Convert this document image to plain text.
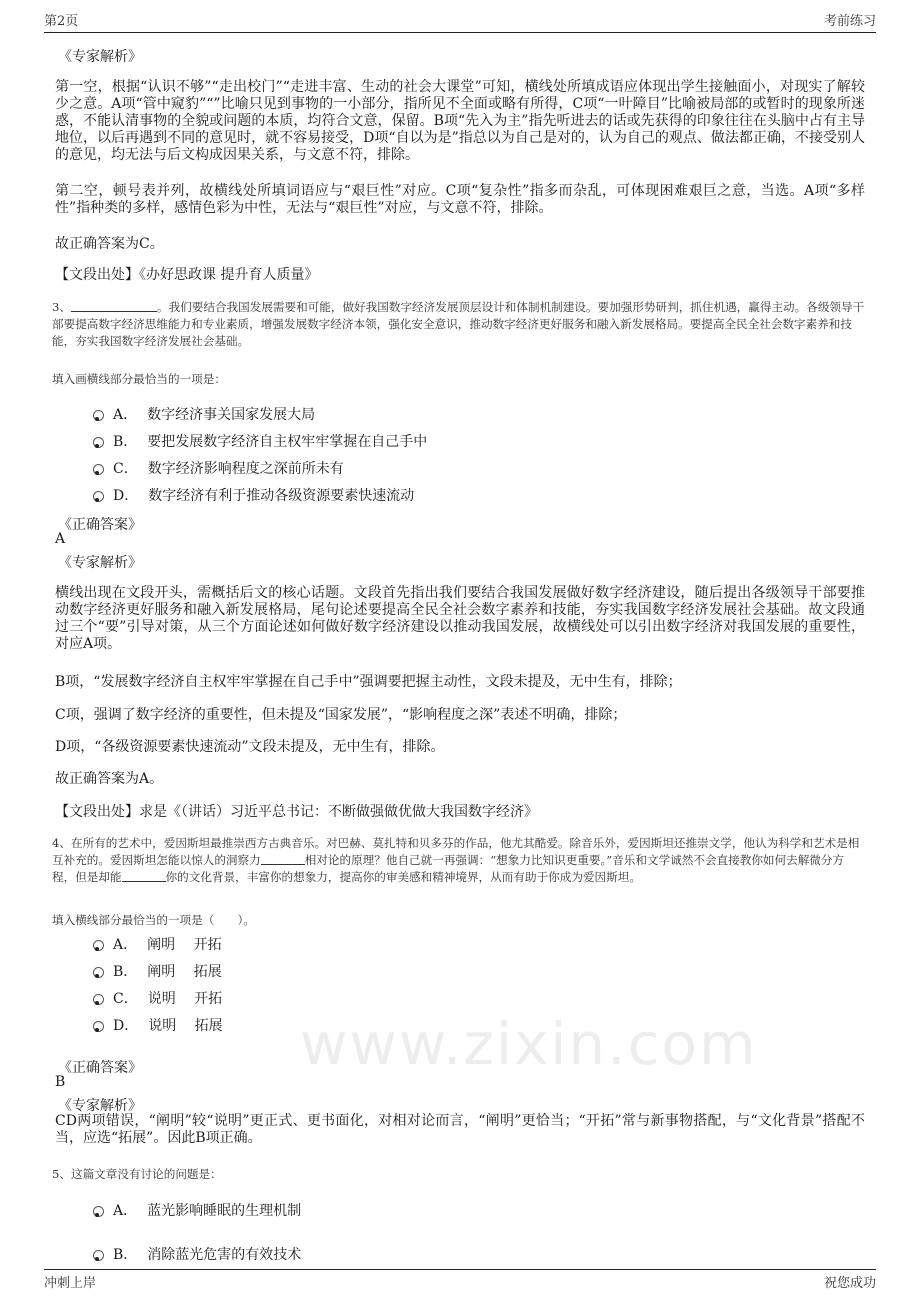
第2页	考前练习
www.zixin.com
《专家解析》
第一空，根据“认识不够”“走出校门”“走进丰富、生动的社会大课堂”可知，横线处所填成语应体现出学生接触面小，对现实了解较少之意。A项“管中窥豹”“”比喻只见到事物的一小部分，指所见不全面或略有所得，C项“一叶障目”比喻被局部的或暂时的现象所迷惑，不能认清事物的全貌或问题的本质，均符合文意，保留。B项“先入为主”指先听进去的话或先获得的印象往往在头脑中占有主导地位，以后再遇到不同的意见时，就不容易接受，D项“自以为是”指总以为自己是对的，认为自己的观点、做法都正确，不接受别人的意见，均无法与后文构成因果关系，与文意不符，排除。
第二空，顿号表并列，故横线处所填词语应与“艰巨性”对应。C项“复杂性”指多而杂乱，可体现困难艰巨之意，当选。A项“多样性”指种类的多样，感情色彩为中性，无法与“艰巨性”对应，与文意不符，排除。
故正确答案为C。
【文段出处】《办好思政课 提升育人质量》
3、	。我们要结合我国发展需要和可能，做好我国数字经济发展顶层设计和体制机制建设。要加强形势研判，抓住机遇，赢得主动。各级领导干部要提高数字经济思维能力和专业素质，增强发展数字经济本领，强化安全意识，推动数字经济更好服务和融入新发展格局。要提高全民全社会数字素养和技能，夯实我国数字经济发展社会基础。
填入画横线部分最恰当的一项是：
A． 数字经济事关国家发展大局
B． 要把发展数字经济自主权牢牢掌握在自己手中
C． 数字经济影响程度之深前所未有
D． 数字经济有利于推动各级资源要素快速流动
《正确答案》
A
《专家解析》
横线出现在文段开头，需概括后文的核心话题。文段首先指出我们要结合我国发展做好数字经济建设，随后提出各级领导干部要推动数字经济更好服务和融入新发展格局，尾句论述要提高全民全社会数字素养和技能，夯实我国数字经济发展社会基础。故文段通过三个“要”引导对策，从三个方面论述如何做好数字经济建设以推动我国发展，故横线处可以引出数字经济对我国发展的重要性，对应A项。
B项，“发展数字经济自主权牢牢掌握在自己手中”强调要把握主动性，文段未提及，无中生有，排除；
C项，强调了数字经济的重要性，但未提及“国家发展”，“影响程度之深”表述不明确，排除；
D项，“各级资源要素快速流动”文段未提及，无中生有，排除。
故正确答案为A。
【文段出处】求是《（讲话）习近平总书记：不断做强做优做大我国数字经济》
4、在所有的艺术中，爱因斯坦最推崇西方古典音乐。对巴赫、莫扎特和贝多芬的作品，他尤其酷爱。除音乐外，爱因斯坦还推崇文学，他认为科学和艺术是相互补充的。爱因斯坦怎能以惊人的洞察力	相对论的原理？他自己就一再强调：“想象力比知识更重要。”音乐和文学诚然不会直接教你如何去解微分方程，但是却能	你的文化背景，丰富你的想象力，提高你的审美感和精神境界，从而有助于你成为爱因斯坦。
填入横线部分最恰当的一项是（　　）。
A． 阐明　 开拓
B． 阐明　 拓展
C． 说明　 开拓
D． 说明　 拓展
《正确答案》
B
《专家解析》
CD两项错误，“阐明”较“说明”更正式、更书面化，对相对论而言，“阐明”更恰当；“开拓”常与新事物搭配，与“文化背景”搭配不当，应选“拓展”。因此B项正确。
5、这篇文章没有讨论的问题是：
A． 蓝光影响睡眠的生理机制
B． 消除蓝光危害的有效技术
冲刺上岸	祝您成功
